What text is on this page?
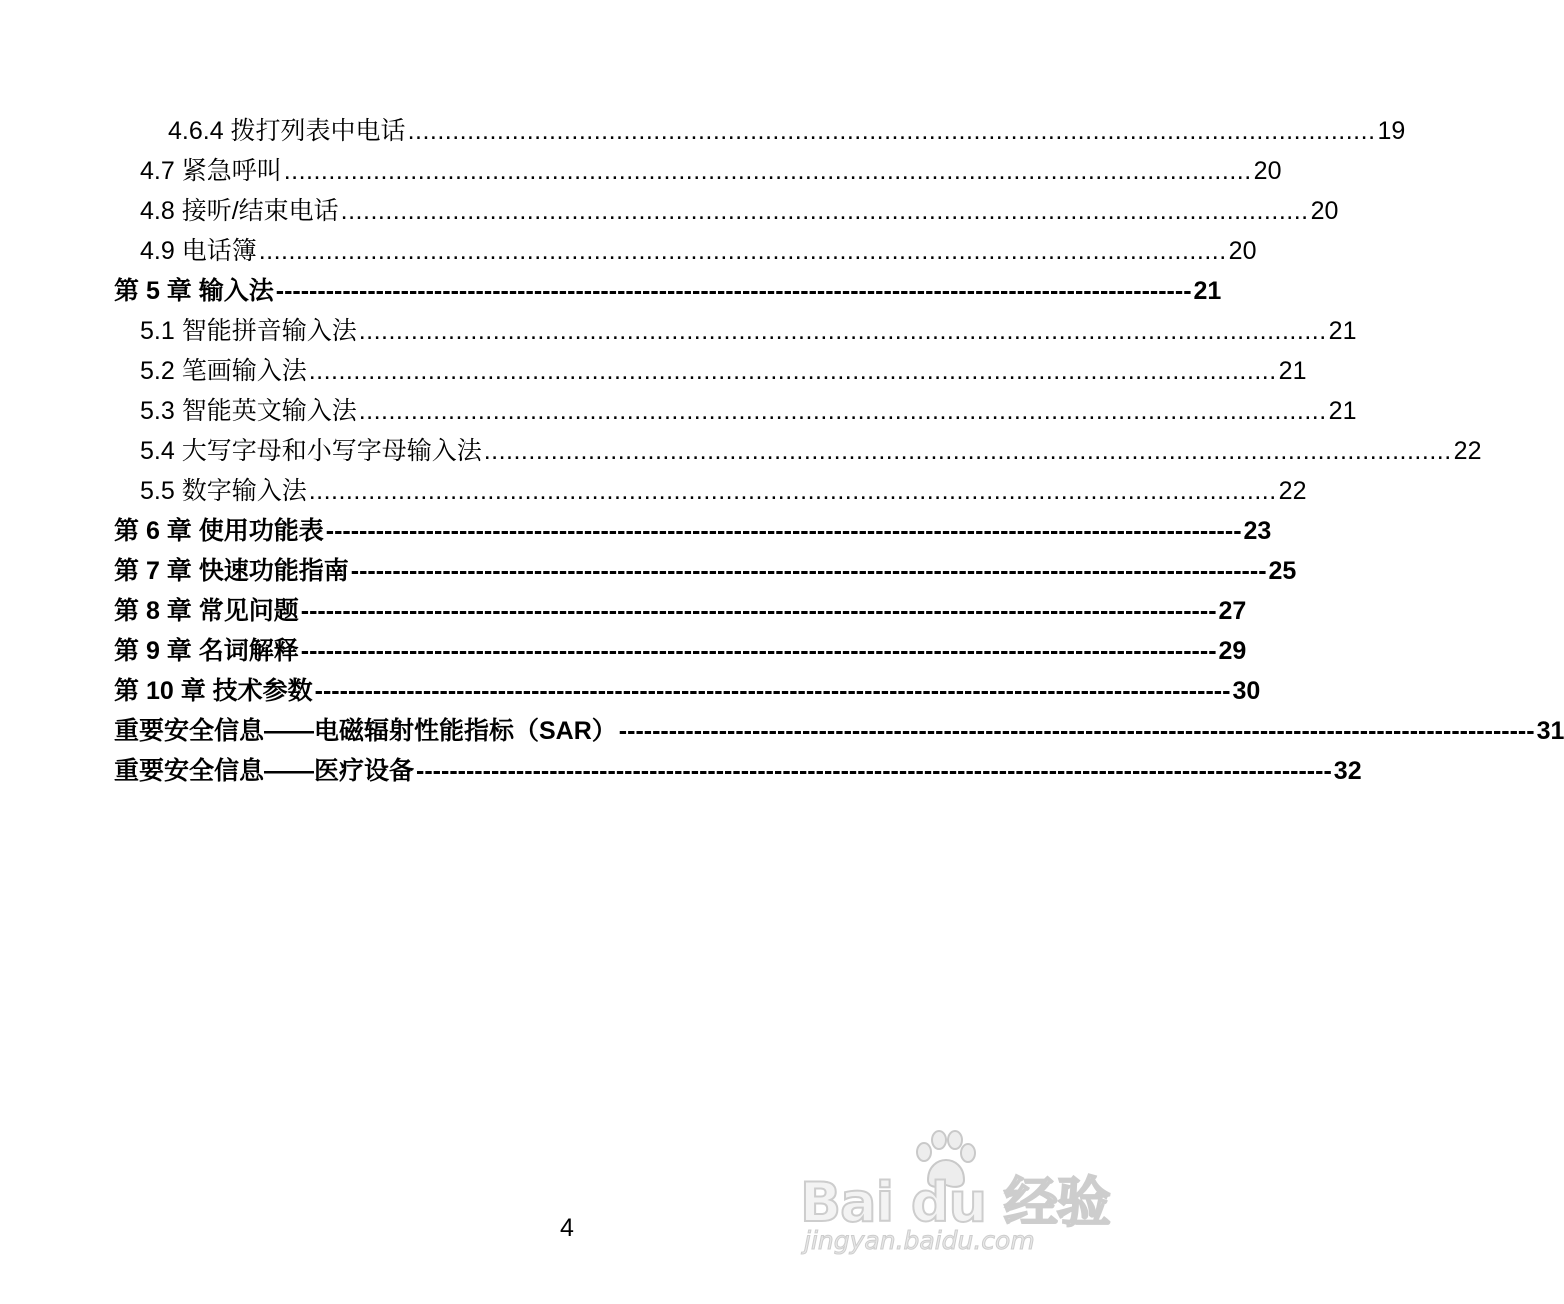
4.6.4 拨打列表中电话 .................................................................................................................................. 19
4.7 紧急呼叫 .................................................................................................................................. 20
4.8 接听/结束电话 .................................................................................................................................. 20
4.9 电话簿 .................................................................................................................................. 20
第 5 章 输入法 -------------------------------------------------------------------------------------------------------------- 21
5.1 智能拼音输入法 .................................................................................................................................. 21
5.2 笔画输入法 .................................................................................................................................. 21
5.3 智能英文输入法 .................................................................................................................................. 21
5.4 大写字母和小写字母输入法 .................................................................................................................................. 22
5.5 数字输入法 .................................................................................................................................. 22
第 6 章 使用功能表 -------------------------------------------------------------------------------------------------------------- 23
第 7 章 快速功能指南 -------------------------------------------------------------------------------------------------------------- 25
第 8 章 常见问题 -------------------------------------------------------------------------------------------------------------- 27
第 9 章 名词解释 -------------------------------------------------------------------------------------------------------------- 29
第 10 章 技术参数 -------------------------------------------------------------------------------------------------------------- 30
重要安全信息——电磁辐射性能指标（SAR） -------------------------------------------------------------------------------------------------------------- 31
重要安全信息——医疗设备 -------------------------------------------------------------------------------------------------------------- 32
4	Bai du 经验
jingyan.baidu.com
